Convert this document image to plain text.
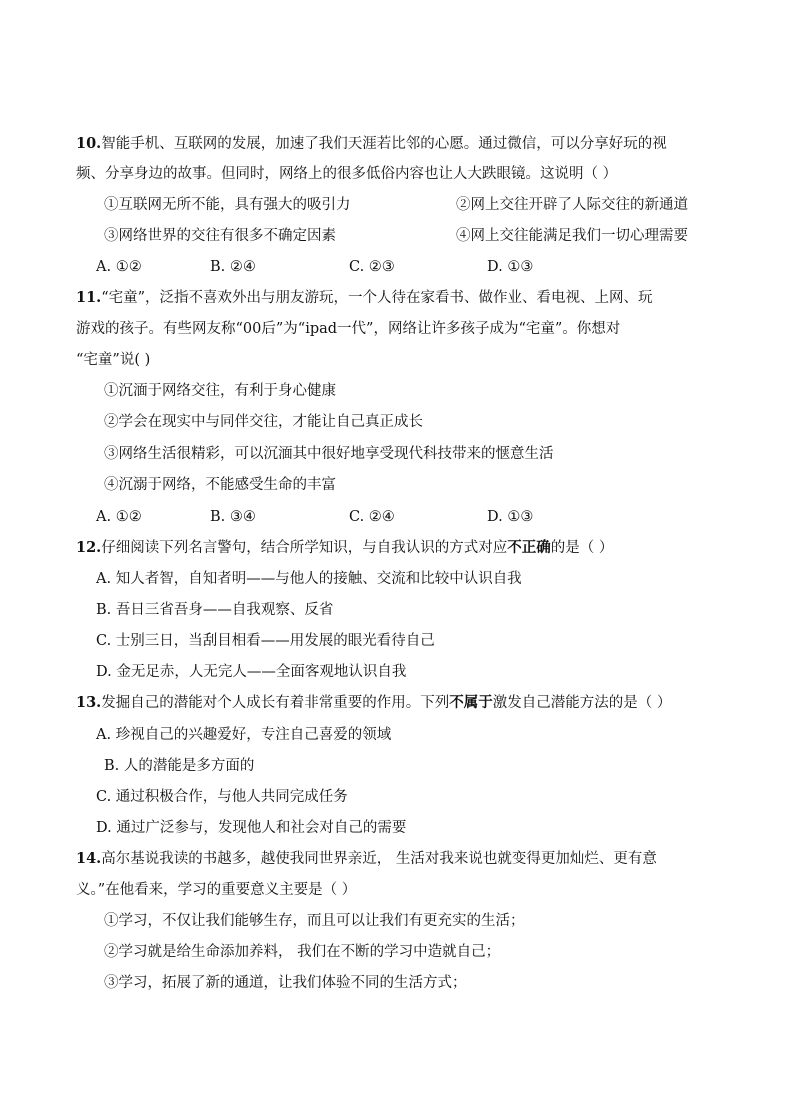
10.智能手机、互联网的发展，加速了我们天涯若比邻的心愿。通过微信，可以分享好玩的视
频、分享身边的故事。但同时，网络上的很多低俗内容也让人大跌眼镜。这说明（ ）
①互联网无所不能，具有强大的吸引力	②网上交往开辟了人际交往的新通道
③网络世界的交往有很多不确定因素	④网上交往能满足我们一切心理需要
A. ①②	B. ②④	C. ②③	D. ①③
11.“宅童”，泛指不喜欢外出与朋友游玩，一个人待在家看书、做作业、看电视、上网、玩
游戏的孩子。有些网友称“00后”为“ipad一代”，网络让许多孩子成为“宅童”。你想对
“宅童”说( )
①沉湎于网络交往，有利于身心健康
②学会在现实中与同伴交往，才能让自己真正成长
③网络生活很精彩，可以沉湎其中很好地享受现代科技带来的惬意生活
④沉溺于网络，不能感受生命的丰富
A. ①②	B. ③④	C. ②④	D. ①③
12.仔细阅读下列名言警句，结合所学知识，与自我认识的方式对应不正确的是（ ）
A. 知人者智，自知者明——与他人的接触、交流和比较中认识自我
B. 吾日三省吾身——自我观察、反省
C. 士别三日，当刮目相看——用发展的眼光看待自己
D. 金无足赤，人无完人——全面客观地认识自我
13.发掘自己的潜能对个人成长有着非常重要的作用。下列不属于激发自己潜能方法的是（ ）
A. 珍视自己的兴趣爱好，专注自己喜爱的领域
B. 人的潜能是多方面的
C. 通过积极合作，与他人共同完成任务
D. 通过广泛参与，发现他人和社会对自己的需要
14.高尔基说我读的书越多，越使我同世界亲近， 生活对我来说也就变得更加灿烂、更有意
义。”在他看来，学习的重要意义主要是（ ）
①学习，不仅让我们能够生存，而且可以让我们有更充实的生活；
②学习就是给生命添加养料， 我们在不断的学习中造就自己；
③学习，拓展了新的通道，让我们体验不同的生活方式；
